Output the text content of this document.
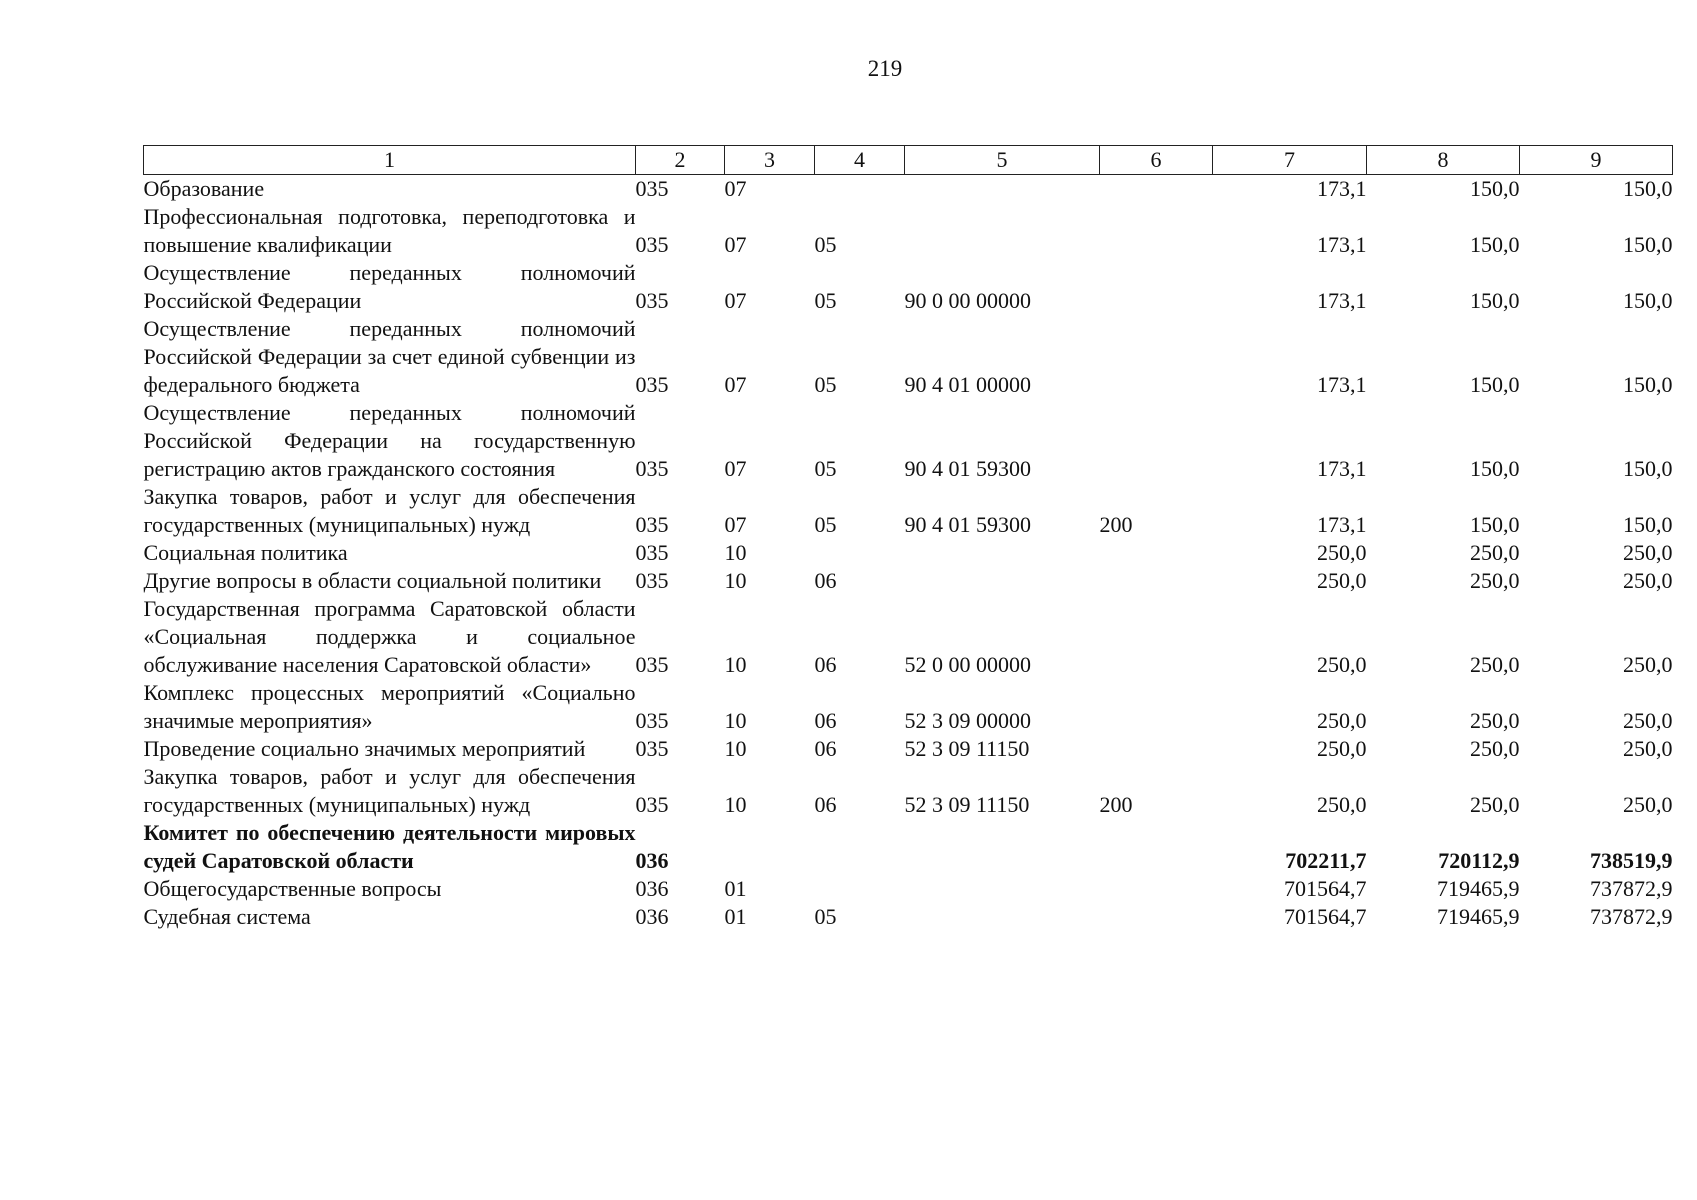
219
1	2	3	4	5	6	7	8	9
Образование	035	07				173,1	150,0	150,0
Профессиональная подготовка, переподготовка и повышение квалификации	035	07	05			173,1	150,0	150,0
Осуществление переданных полномочий Российской Федерации	035	07	05	90 0 00 00000		173,1	150,0	150,0
Осуществление переданных полномочий Российской Федерации за счет единой субвенции из федерального бюджета	035	07	05	90 4 01 00000		173,1	150,0	150,0
Осуществление переданных полномочий Российской Федерации на государственную регистрацию актов гражданского состояния	035	07	05	90 4 01 59300		173,1	150,0	150,0
Закупка товаров, работ и услуг для обеспечения государственных (муниципальных) нужд	035	07	05	90 4 01 59300	200	173,1	150,0	150,0
Социальная политика	035	10				250,0	250,0	250,0
Другие вопросы в области социальной политики	035	10	06			250,0	250,0	250,0
Государственная программа Саратовской области «Социальная поддержка и социальное обслуживание населения Саратовской области»	035	10	06	52 0 00 00000		250,0	250,0	250,0
Комплекс процессных мероприятий «Социально значимые мероприятия»	035	10	06	52 3 09 00000		250,0	250,0	250,0
Проведение социально значимых мероприятий	035	10	06	52 3 09 11150		250,0	250,0	250,0
Закупка товаров, работ и услуг для обеспечения государственных (муниципальных) нужд	035	10	06	52 3 09 11150	200	250,0	250,0	250,0
Комитет по обеспечению деятельности мировых судей Саратовской области	036					702211,7	720112,9	738519,9
Общегосударственные вопросы	036	01				701564,7	719465,9	737872,9
Судебная система	036	01	05			701564,7	719465,9	737872,9
